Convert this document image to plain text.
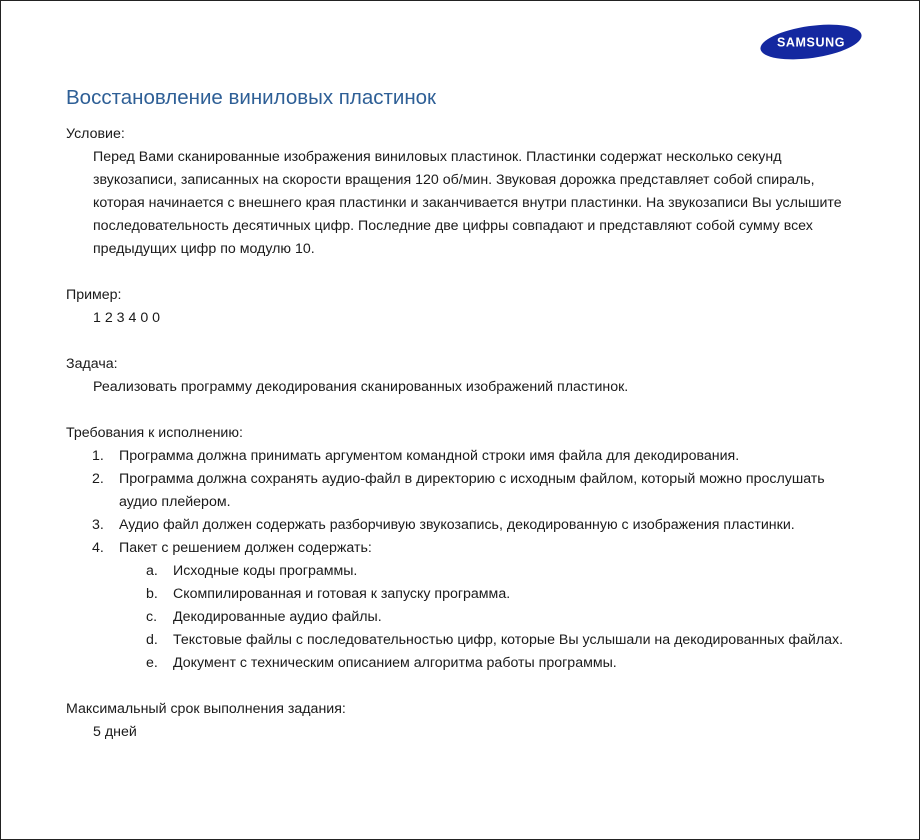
SAMSUNG
Восстановление виниловых пластинок

Условие:

Перед Вами сканированные изображения виниловых пластинок. Пластинки содержат несколько секунд звукозаписи, записанных на скорости вращения 120 об/мин. Звуковая дорожка представляет собой спираль, которая начинается с внешнего края пластинки и заканчивается внутри пластинки. На звукозаписи Вы услышите последовательность десятичных цифр. Последние две цифры совпадают и представляют собой сумму всех предыдущих цифр по модулю 10.

Пример:

1 2 3 4 0 0

Задача:

Реализовать программу декодирования сканированных изображений пластинок.

Требования к исполнению:

1. Программа должна принимать аргументом командной строки имя файла для декодирования.
2. Программа должна сохранять аудио-файл в директорию с исходным файлом, который можно прослушать аудио плейером.
3. Аудио файл должен содержать разборчивую звукозапись, декодированную с изображения пластинки.
4. Пакет с решением должен содержать:
a. Исходные коды программы.
b. Скомпилированная и готовая к запуску программа.
c. Декодированные аудио файлы.
d. Текстовые файлы с последовательностью цифр, которые Вы услышали на декодированных файлах.
e. Документ с техническим описанием алгоритма работы программы.

Максимальный срок выполнения задания:

5 дней
